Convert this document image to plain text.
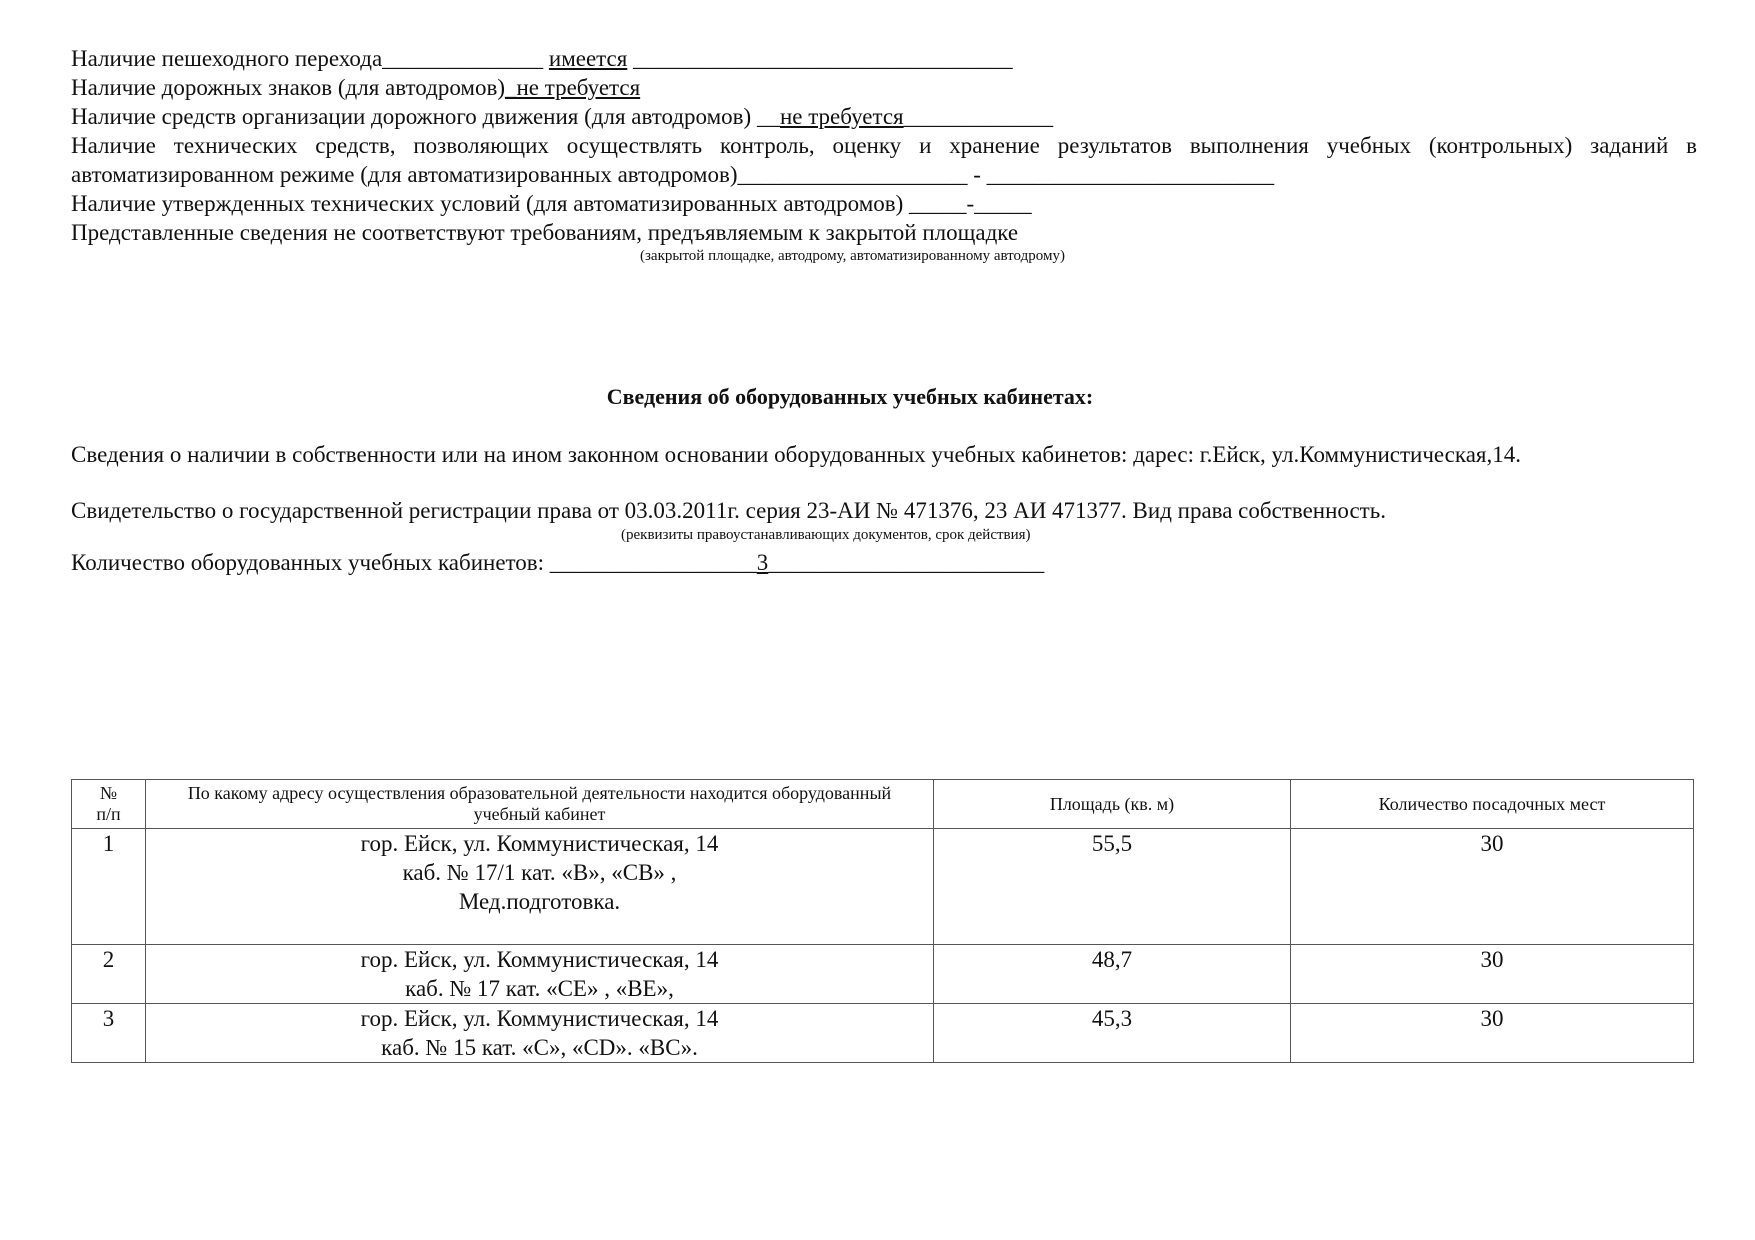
Наличие пешеходного перехода______________ имеется _________________________________
Наличие дорожных знаков (для автодромов)_не требуется
Наличие средств организации дорожного движения (для автодромов) __не требуется_____________
Наличие технических средств, позволяющих осуществлять контроль, оценку и хранение результатов выполнения учебных (контрольных) заданий в
автоматизированном режиме (для автоматизированных автодромов)____________________ - _________________________
Наличие утвержденных технических условий (для автоматизированных автодромов) _____-_____
Представленные сведения не соответствуют требованиям, предъявляемым к закрытой площадке
(закрытой площадке, автодрому, автоматизированному автодрому)
Сведения об оборудованных учебных кабинетах:
Сведения о наличии в собственности или на ином законном основании оборудованных учебных кабинетов: дарес: г.Ейск, ул.Коммунистическая,14.
Свидетельство о государственной регистрации права от 03.03.2011г. серия 23-АИ № 471376, 23 АИ 471377. Вид права собственность.
(реквизиты правоустанавливающих документов, срок действия)
Количество оборудованных учебных кабинетов: __________________3________________________
№
п/п	По какому адресу осуществления образовательной деятельности находится оборудованный учебный кабинет	Площадь (кв. м)	Количество посадочных мест
1	гор. Ейск, ул. Коммунистическая, 14
каб. № 17/1 кат. «В», «СВ» ,
Мед.подготовка.	55,5	30
2	гор. Ейск, ул. Коммунистическая, 14
каб. № 17 кат. «СЕ» , «ВЕ»,	48,7	30
3	гор. Ейск, ул. Коммунистическая, 14
каб. № 15 кат. «С», «СD». «ВС».	45,3	30
